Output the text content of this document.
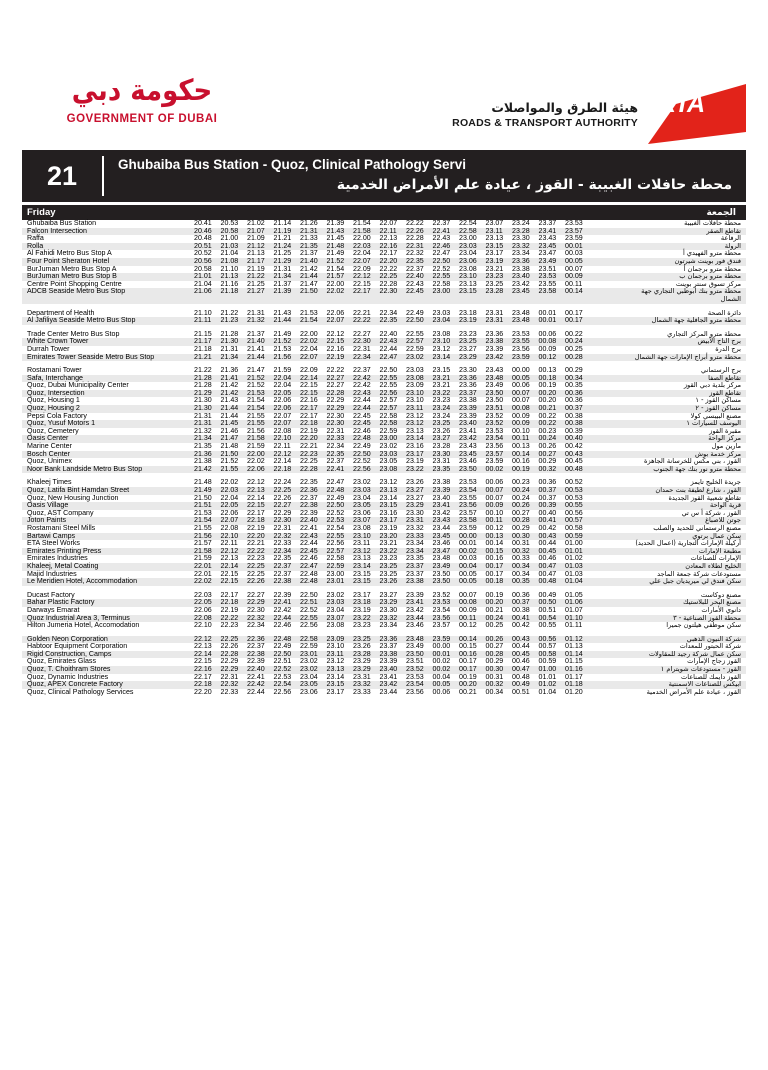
حكومة دبي
GOVERNMENT OF DUBAI
هيئة الطرق والمواصلات
ROADS & TRANSPORT AUTHORITY
RTA
21	Ghubaiba Bus Station - Quoz, Clinical Pathology Servi
محطة حافلات الغبيبة - القوز ، عيادة علم الأمراض الخدمية
Friday	الجمعة
Ghubaiba Bus Station	20.41	20.53	21.02	21.14	21.26	21.39	21.54	22.07	22.22	22.37	22.54	23.07	23.24	23.37	23.53	محطة حافلات الغبيبة
Falcon Intersection	20.46	20.58	21.07	21.19	21.31	21.43	21.58	22.11	22.26	22.41	22.58	23.11	23.28	23.41	23.57	تقاطع الصقر
Raffa	20.48	21.00	21.09	21.21	21.33	21.45	22.00	22.13	22.28	22.43	23.00	23.13	23.30	23.43	23.59	الرفاعة
Rolla	20.51	21.03	21.12	21.24	21.35	21.48	22.03	22.16	22.31	22.46	23.03	23.15	23.32	23.45	00.01	الرولة
Al Fahidi Metro Bus Stop A	20.52	21.04	21.13	21.25	21.37	21.49	22.04	22.17	22.32	22.47	23.04	23.17	23.34	23.47	00.03	محطة مترو الفهيدي أ
Four Point Sheraton Hotel	20.56	21.08	21.17	21.29	21.40	21.52	22.07	22.20	22.35	22.50	23.06	23.19	23.36	23.49	00.05	فندق فور بوينت شيرتون
BurJuman Metro Bus Stop A	20.58	21.10	21.19	21.31	21.42	21.54	22.09	22.22	22.37	22.52	23.08	23.21	23.38	23.51	00.07	محطة مترو برجمان أ
BurJuman Metro Bus Stop B	21.01	21.13	21.22	21.34	21.44	21.57	22.12	22.25	22.40	22.55	23.10	23.23	23.40	23.53	00.09	محطة مترو برجمان ب
Centre Point Shopping Centre	21.04	21.16	21.25	21.37	21.47	22.00	22.15	22.28	22.43	22.58	23.13	23.25	23.42	23.55	00.11	مركز تسوق سنتر بوينت
ADCB Seaside Metro Bus Stop	21.06	21.18	21.27	21.39	21.50	22.02	22.17	22.30	22.45	23.00	23.15	23.28	23.45	23.58	00.14	محطة مترو بنك أبوظبي التجاري جهة الشمال
Department of Health	21.10	21.22	21.31	21.43	21.53	22.06	22.21	22.34	22.49	23.03	23.18	23.31	23.48	00.01	00.17	دائرة الصحة
Al Jafiliya Seaside Metro Bus Stop	21.11	21.23	21.32	21.44	21.54	22.07	22.22	22.35	22.50	23.04	23.19	23.31	23.48	00.01	00.17	محطة مترو الجافلية جهة الشمال
Trade Center Metro Bus Stop	21.15	21.28	21.37	21.49	22.00	22.12	22.27	22.40	22.55	23.08	23.23	23.36	23.53	00.06	00.22	محطة مترو المركز التجاري
White Crown Tower	21.17	21.30	21.40	21.52	22.02	22.15	22.30	22.43	22.57	23.10	23.25	23.38	23.55	00.08	00.24	برج التاج الأبيض
Durrah Tower	21.18	21.31	21.41	21.53	22.04	22.16	22.31	22.44	22.59	23.12	23.27	23.39	23.56	00.09	00.25	برج الدرة
Emirates Tower Seaside Metro Bus Stop	21.21	21.34	21.44	21.56	22.07	22.19	22.34	22.47	23.02	23.14	23.29	23.42	23.59	00.12	00.28	محطة مترو أبراج الإمارات جهة الشمال
Rostamani Tower	21.22	21.36	21.47	21.59	22.09	22.22	22.37	22.50	23.03	23.15	23.30	23.43	00.00	00.13	00.29	برج الرستماني
Safa, Interchange	21.28	21.41	21.52	22.04	22.14	22.27	22.42	22.55	23.08	23.21	23.36	23.48	00.05	00.18	00.34	تقاطع الصفا
Quoz, Dubai Municipality Center	21.28	21.42	21.52	22.04	22.15	22.27	22.42	22.55	23.09	23.21	23.36	23.49	00.06	00.19	00.35	مركز بلدية دبي القوز
Quoz, Intersection	21.29	21.42	21.53	22.05	22.15	22.28	22.43	22.56	23.10	23.22	23.37	23.50	00.07	00.20	00.36	تقاطع القوز
Quoz, Housing 1	21.30	21.43	21.54	22.06	22.16	22.29	22.44	22.57	23.10	23.23	23.38	23.50	00.07	00.20	00.36	مساكن القوز - ١
Quoz, Housing 2	21.30	21.44	21.54	22.06	22.17	22.29	22.44	22.57	23.11	23.24	23.39	23.51	00.08	00.21	00.37	مساكن القوز - ٢
Pepsi Cola Factory	21.31	21.44	21.55	22.07	22.17	22.30	22.45	22.58	23.12	23.24	23.39	23.52	00.09	00.22	00.38	مصنع البيبسي كولا
Quoz, Yusuf Motors 1	21.31	21.45	21.55	22.07	22.18	22.30	22.45	22.58	23.12	23.25	23.40	23.52	00.09	00.22	00.38	اليوسف للسيارات ١
Quoz, Cemetery	21.32	21.46	21.56	22.08	22.19	22.31	22.46	22.59	23.13	23.26	23.41	23.53	00.10	00.23	00.39	مقبرة القوز
Oasis Center	21.34	21.47	21.58	22.10	22.20	22.33	22.48	23.00	23.14	23.27	23.42	23.54	00.11	00.24	00.40	مركز الواحة
Marine Center	21.35	21.48	21.59	22.11	22.21	22.34	22.49	23.02	23.16	23.28	23.43	23.56	00.13	00.26	00.42	مارين مول
Bosch Center	21.36	21.50	22.00	22.12	22.23	22.35	22.50	23.03	23.17	23.30	23.45	23.57	00.14	00.27	00.43	مركز خدمة بوش
Quoz, Unimex	21.38	21.52	22.02	22.14	22.25	22.37	22.52	23.05	23.19	23.31	23.46	23.59	00.16	00.29	00.45	القوز ، بني مكس للخرسانة الجاهزة
Noor Bank Landside Metro Bus Stop	21.42	21.55	22.06	22.18	22.28	22.41	22.56	23.08	23.22	23.35	23.50	00.02	00.19	00.32	00.48	محطة مترو نور بنك جهة الجنوب
Khaleej Times	21.48	22.02	22.12	22.24	22.35	22.47	23.02	23.12	23.26	23.38	23.53	00.06	00.23	00.36	00.52	جريدة الخليج تايمز
Quoz, Latifa Bint Hamdan Street	21.49	22.03	22.13	22.25	22.36	22.48	23.03	23.13	23.27	23.39	23.54	00.07	00.24	00.37	00.53	القوز ، شارع لطيفة بنت حمدان
Quoz, New Housing Junction	21.50	22.04	22.14	22.26	22.37	22.49	23.04	23.14	23.27	23.40	23.55	00.07	00.24	00.37	00.53	تقاطع شعبية القوز الجديدة
Oasis Village	21.51	22.05	22.15	22.27	22.38	22.50	23.05	23.15	23.29	23.41	23.56	00.09	00.26	00.39	00.55	قرية الواحة
Quoz, AST Company	21.53	22.06	22.17	22.29	22.39	22.52	23.06	23.16	23.30	23.42	23.57	00.10	00.27	00.40	00.56	القوز ، شركة أ س تي
Joton Paints	21.54	22.07	22.18	22.30	22.40	22.53	23.07	23.17	23.31	23.43	23.58	00.11	00.28	00.41	00.57	جوتن للاصباغ
Rostamani Steel Mills	21.55	22.08	22.19	22.31	22.41	22.54	23.08	23.19	23.32	23.44	23.59	00.12	00.29	00.42	00.58	مصنع الرستماني للحديد والصلب
Bartawi Camps	21.56	22.10	22.20	22.32	22.43	22.55	23.10	23.20	23.33	23.45	00.00	00.13	00.30	00.43	00.59	سكن عمال برتوي
ETA Steel Works	21.57	22.11	22.21	22.33	22.44	22.56	23.11	23.21	23.34	23.46	00.01	00.14	00.31	00.44	01.00	أركيلة الإمارات التجارية (اعمال الحديد)
Emirates Printing Press	21.58	22.12	22.22	22.34	22.45	22.57	23.12	23.22	23.34	23.47	00.02	00.15	00.32	00.45	01.01	مطبعة الإمارات
Emirates Industries	21.59	22.13	22.23	22.35	22.46	22.58	23.13	23.23	23.35	23.48	00.03	00.16	00.33	00.46	01.02	الإمارات للصناعات
Khaleej, Metal Coating	22.01	22.14	22.25	22.37	22.47	22.59	23.14	23.25	23.37	23.49	00.04	00.17	00.34	00.47	01.03	الخليج لطلاء المعادن
Majid Industries	22.01	22.15	22.25	22.37	22.48	23.00	23.15	23.25	23.37	23.50	00.05	00.17	00.34	00.47	01.03	مستودعات شركة جمعة الماجد
Le Meridien Hotel, Accommodation	22.02	22.15	22.26	22.38	22.48	23.01	23.15	23.26	23.38	23.50	00.05	00.18	00.35	00.48	01.04	سكن فندق لي ميريديان جبل علي
Ducast Factory	22.03	22.17	22.27	22.39	22.50	23.02	23.17	23.27	23.39	23.52	00.07	00.19	00.36	00.49	01.05	مصنع دوكاست
Bahar Plastic Factory	22.05	22.18	22.29	22.41	22.51	23.03	23.18	23.29	23.41	23.53	00.08	00.20	00.37	00.50	01.06	مصنع البحر للبلاستيك
Darways Emarat	22.06	22.19	22.30	22.42	22.52	23.04	23.19	23.30	23.42	23.54	00.09	00.21	00.38	00.51	01.07	دانوي الأمارات
Quoz Industrial Area 3, Terminus	22.08	22.22	22.32	22.44	22.55	23.07	23.22	23.32	23.44	23.56	00.11	00.24	00.41	00.54	01.10	محطة القوز الصناعية - ٣
Hilton Jumeria Hotel, Accomodation	22.10	22.23	22.34	22.46	22.56	23.08	23.23	23.34	23.46	23.57	00.12	00.25	00.42	00.55	01.11	سكن موظفي هيلتون جميرا
Golden Neon Corporation	22.12	22.25	22.36	22.48	22.58	23.09	23.25	23.36	23.48	23.59	00.14	00.26	00.43	00.56	01.12	شركة النيون الذهبي
Habtoor Equipment Corporation	22.13	22.26	22.37	22.49	22.59	23.10	23.26	23.37	23.49	00.00	00.15	00.27	00.44	00.57	01.13	شركة الحبتور للمعدات
Rigid Construction, Camps	22.14	22.28	22.38	22.50	23.01	23.11	23.28	23.38	23.50	00.01	00.16	00.28	00.45	00.58	01.14	سكن عمال شركة رجيد للمقاولات
Quoz, Emirates Glass	22.15	22.29	22.39	22.51	23.02	23.12	23.29	23.39	23.51	00.02	00.17	00.29	00.46	00.59	01.15	القوز زجاج الإمارات
Quoz, T. Choithram Stores	22.16	22.29	22.40	22.52	23.02	23.13	23.29	23.40	23.52	00.02	00.17	00.30	00.47	01.00	01.16	القوز - مستودعات شويترام ١
Quoz, Dynamic Industries	22.17	22.31	22.41	22.53	23.04	23.14	23.31	23.41	23.53	00.04	00.19	00.31	00.48	01.01	01.17	القوز دايمك للصناعات
Quoz, APEX Concrete Factory	22.18	22.32	22.42	22.54	23.05	23.15	23.32	23.42	23.54	00.05	00.20	00.32	00.49	01.02	01.18	ابيكس للصناعات الاسمنتية
Quoz, Clinical Pathology Services	22.20	22.33	22.44	22.56	23.06	23.17	23.33	23.44	23.56	00.06	00.21	00.34	00.51	01.04	01.20	القوز ، عيادة علم الأمراض الخدمية
